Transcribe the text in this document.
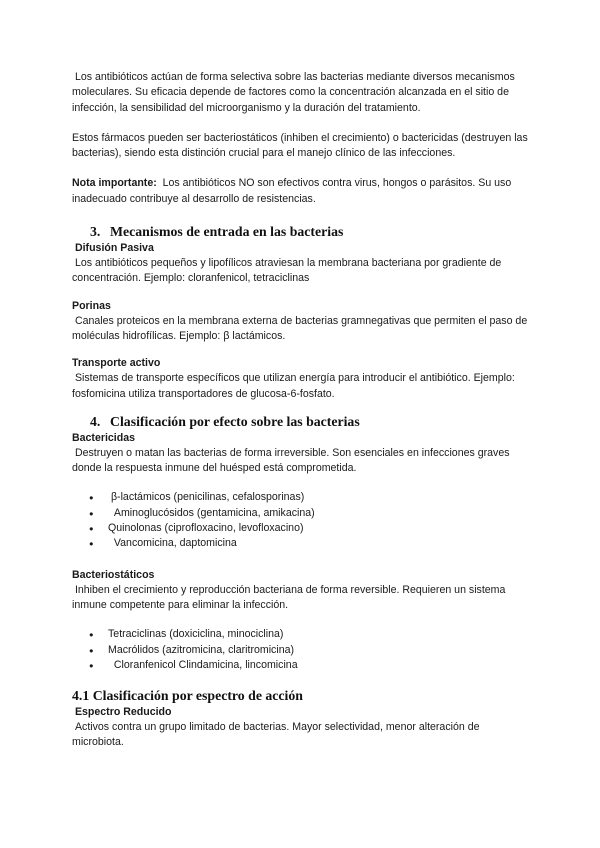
Los antibióticos actúan de forma selectiva sobre las bacterias mediante diversos mecanismos moleculares. Su eficacia depende de factores como la concentración alcanzada en el sitio de infección, la sensibilidad del microorganismo y la duración del tratamiento.

Estos fármacos pueden ser bacteriostáticos (inhiben el crecimiento) o bactericidas (destruyen las bacterias), siendo esta distinción crucial para el manejo clínico de las infecciones.

Nota importante:  Los antibióticos NO son efectivos contra virus, hongos o parásitos. Su uso inadecuado contribuye al desarrollo de resistencias.

3. Mecanismos de entrada en las bacterias
Difusión Pasiva

Los antibióticos pequeños y lipofílicos atraviesan la membrana bacteriana por gradiente de concentración. Ejemplo: cloranfenicol, tetraciclinas

Porinas

Canales proteicos en la membrana externa de bacterias gramnegativas que permiten el paso de moléculas hidrofílicas. Ejemplo: β lactámicos.

Transporte activo

Sistemas de transporte específicos que utilizan energía para introducir el antibiótico. Ejemplo: fosfomicina utiliza transportadores de glucosa-6-fosfato.

4. Clasificación por efecto sobre las bacterias
Bactericidas

Destruyen o matan las bacterias de forma irreversible. Son esenciales en infecciones graves donde la respuesta inmune del huésped está comprometida.

●  β-lactámicos (penicilinas, cefalosporinas)
●   Aminoglucósidos (gentamicina, amikacina)
● Quinolonas (ciprofloxacino, levofloxacino)
●   Vancomicina, daptomicina
Bacteriostáticos

Inhiben el crecimiento y reproducción bacteriana de forma reversible. Requieren un sistema inmune competente para eliminar la infección.

● Tetraciclinas (doxiciclina, minociclina)
● Macrólidos (azitromicina, claritromicina)
●   Cloranfenicol Clindamicina, lincomicina
4.1 Clasificación por espectro de acción
Espectro Reducido

Activos contra un grupo limitado de bacterias. Mayor selectividad, menor alteración de microbiota.
